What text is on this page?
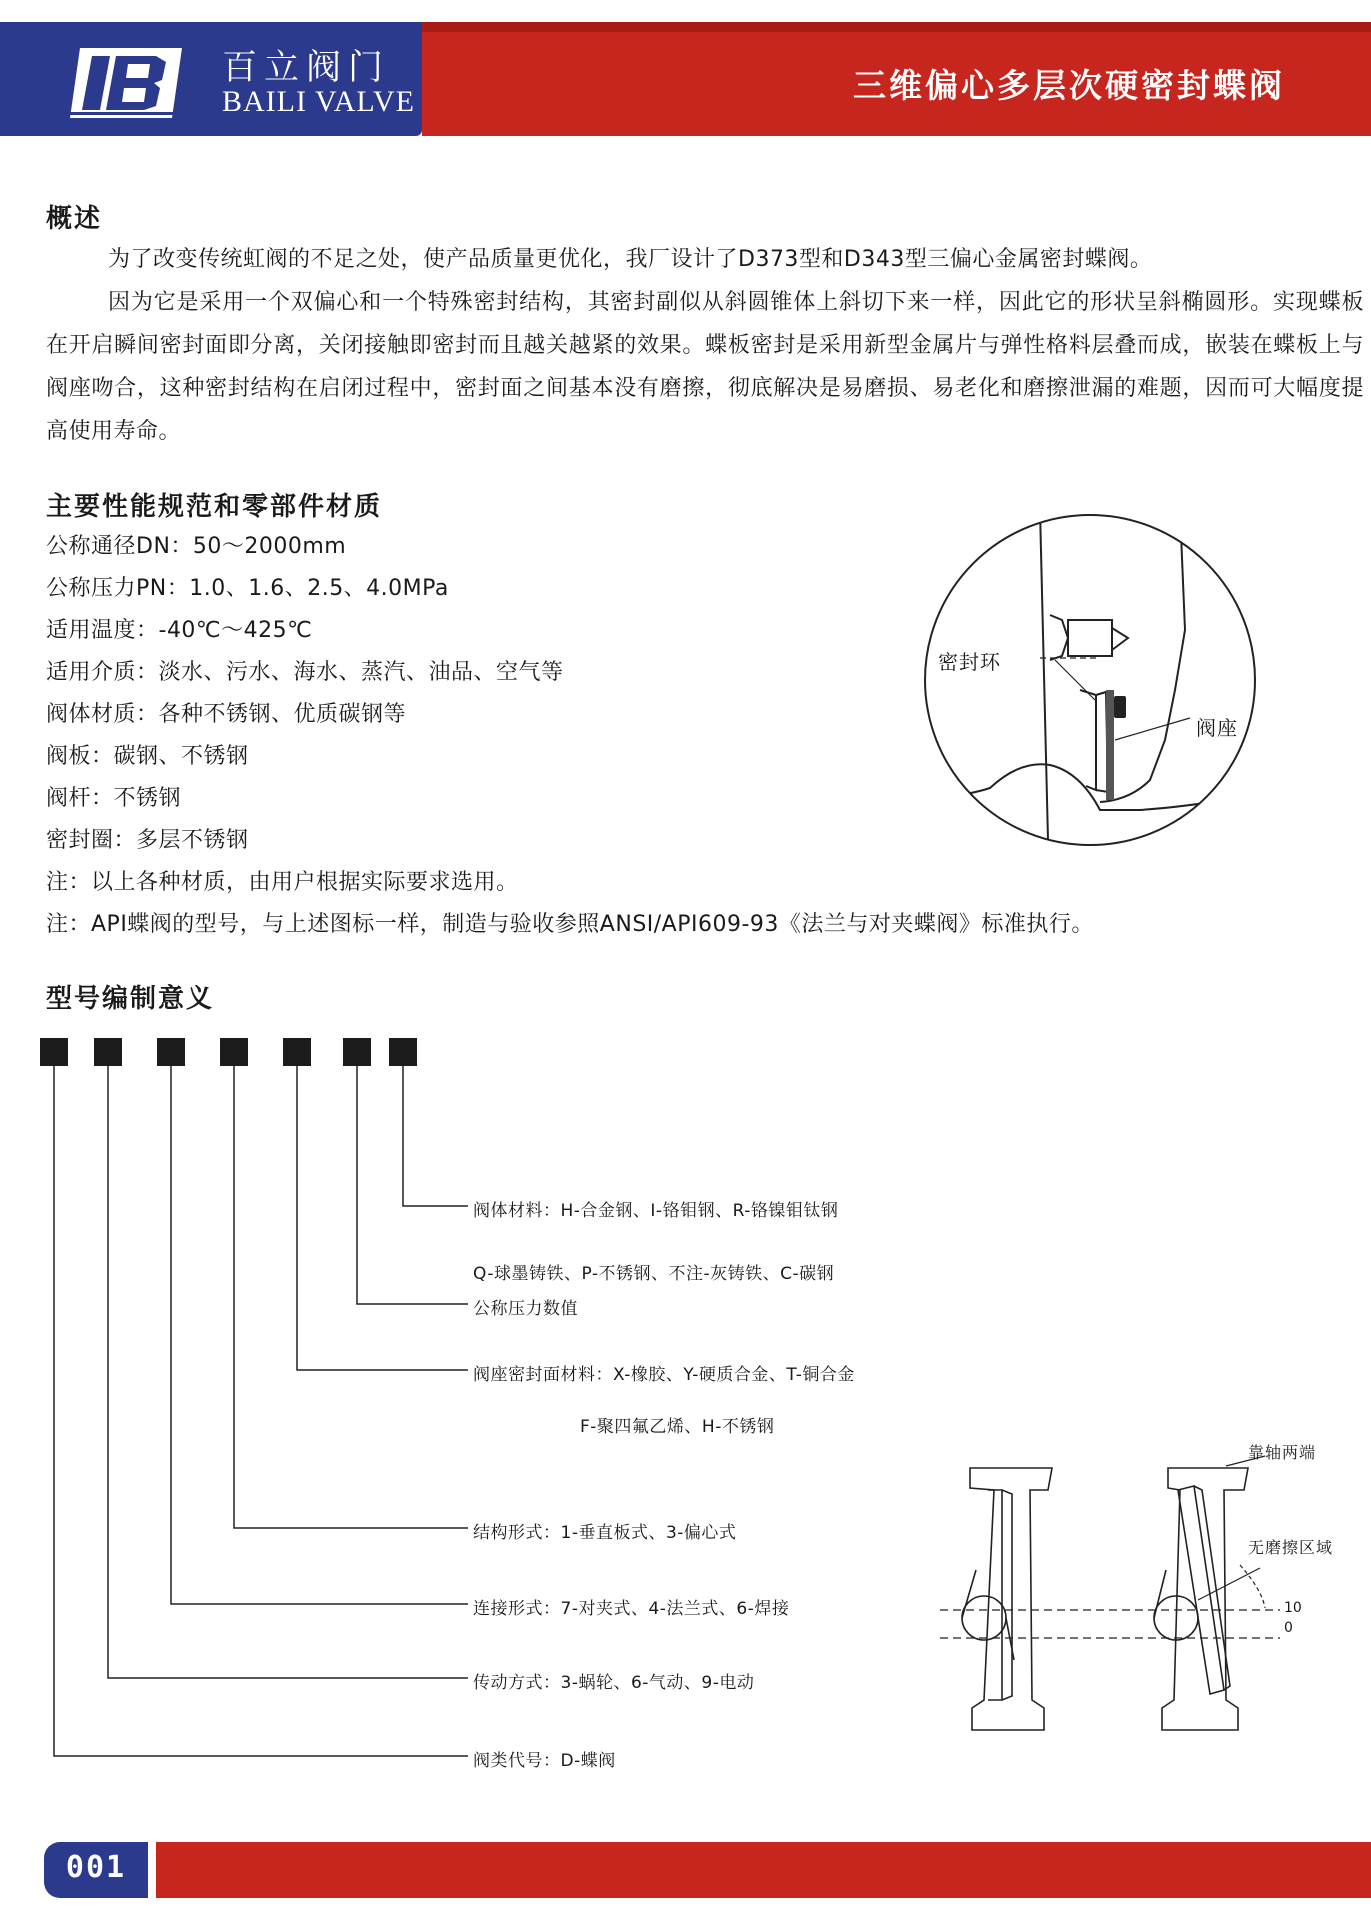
百立阀门
BAILI VALVE	三维偏心多层次硬密封蝶阀
概述
为了改变传统虹阀的不足之处，使产品质量更优化，我厂设计了D373型和D343型三偏心金属密封蝶阀。
因为它是采用一个双偏心和一个特殊密封结构，其密封副似从斜圆锥体上斜切下来一样，因此它的形状呈斜椭圆形。实现蝶板在开启瞬间密封面即分离，关闭接触即密封而且越关越紧的效果。蝶板密封是采用新型金属片与弹性格料层叠而成，嵌装在蝶板上与阀座吻合，这种密封结构在启闭过程中，密封面之间基本没有磨擦，彻底解决是易磨损、易老化和磨擦泄漏的难题，因而可大幅度提高使用寿命。
主要性能规范和零部件材质
公称通径DN：50～2000mm
公称压力PN：1.0、1.6、2.5、4.0MPa
适用温度：-40℃～425℃
适用介质：淡水、污水、海水、蒸汽、油品、空气等
阀体材质：各种不锈钢、优质碳钢等
阀板：碳钢、不锈钢
阀杆：不锈钢
密封圈：多层不锈钢
注：以上各种材质，由用户根据实际要求选用。
注：API蝶阀的型号，与上述图标一样，制造与验收参照ANSI/API609-93《法兰与对夹蝶阀》标准执行。
密封环
阀座
型号编制意义
阀体材料：H-合金钢、I-铬钼钢、R-铬镍钼钛钢
Q-球墨铸铁、P-不锈钢、不注-灰铸铁、C-碳钢
公称压力数值
阀座密封面材料：X-橡胶、Y-硬质合金、T-铜合金
F-聚四氟乙烯、H-不锈钢
结构形式：1-垂直板式、3-偏心式
连接形式：7-对夹式、4-法兰式、6-焊接
传动方式：3-蜗轮、6-气动、9-电动
阀类代号：D-蝶阀
靠轴两端
无磨擦区域
10
0
001
